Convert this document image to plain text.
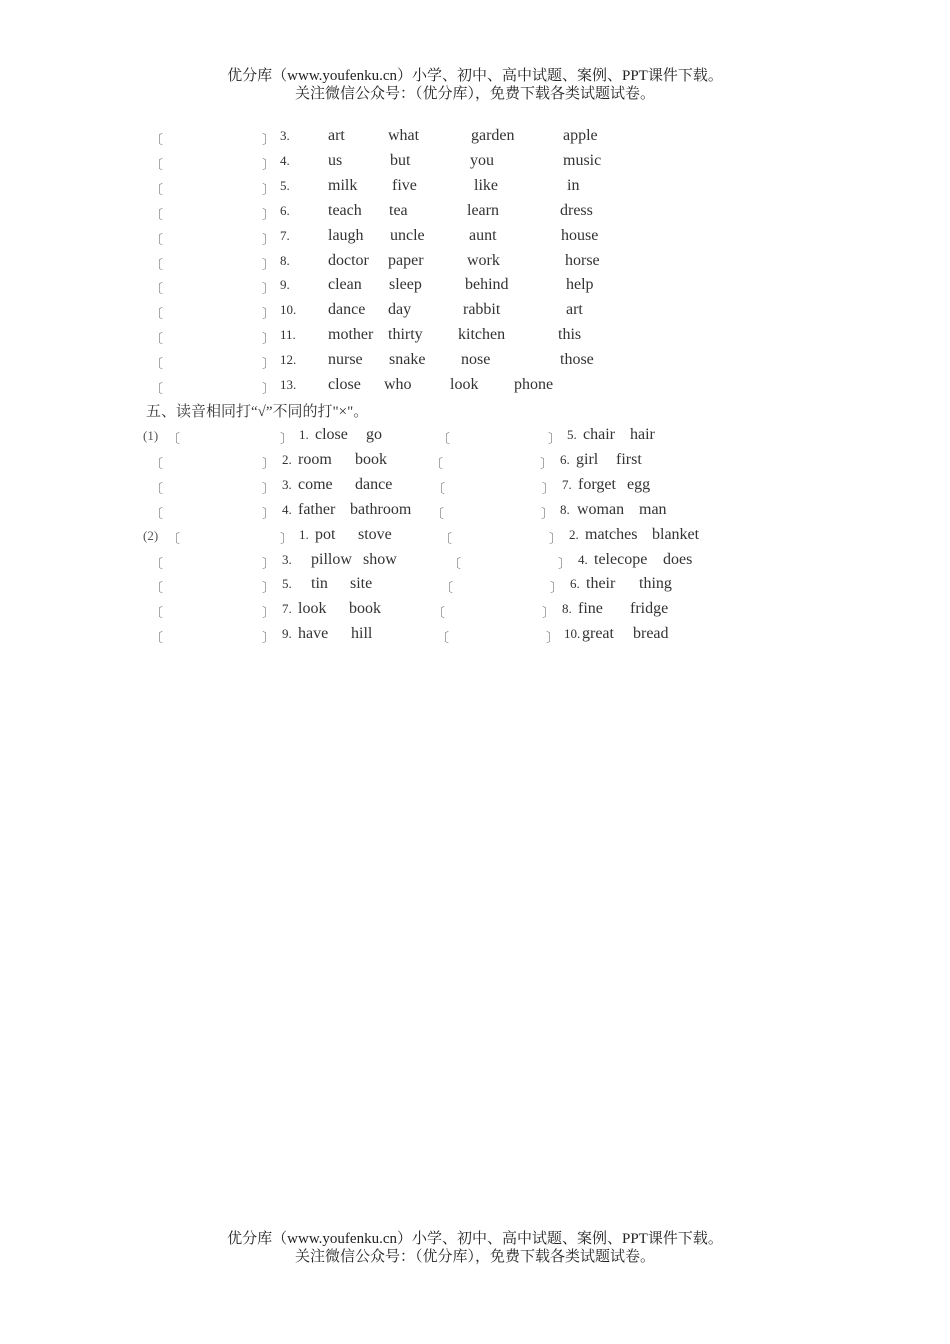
优分库（www.youfenku.cn）小学、初中、高中试题、案例、PPT课件下载。
关注微信公众号：（优分库），免费下载各类试题试卷。
〔	〕 3. art	what	garden	apple
〔	〕 4. us	but	you	music
〔	〕 5. milk five	like	in
〔	〕 6. teach tea	learn	dress
〔	〕 7. laugh uncle	aunt	house
〔	〕 8. doctor paper	work	horse
〔	〕 9. clean sleep	behind	help
〔	〕 10. dance day	rabbit	art
〔	〕 11. mother thirty kitchen	this
〔	〕 12. nurse snake nose	those
〔	〕 13. close who look phone
五、读音相同打“√”不同的打"×"。
(1) 〔	〕 1. close go	〔	〕 5. chair hair
〔	〕 2. room book	〔	〕 6. girl first
〔	〕 3. come dance	〔	〕 7. forget egg
〔	〕 4. father bathroom 〔	〕 8. woman man
(2) 〔	〕 1. pot stove	〔	〕 2. matches blanket
〔	〕 3. pillow show	〔	〕 4. telecope does
〔	〕 5. tin site	〔	〕 6. their thing
〔	〕 7. look book	〔	〕 8. fine fridge
〔	〕 9. have hill	〔	〕 10. great bread
优分库（www.youfenku.cn）小学、初中、高中试题、案例、PPT课件下载。
关注微信公众号：（优分库），免费下载各类试题试卷。
